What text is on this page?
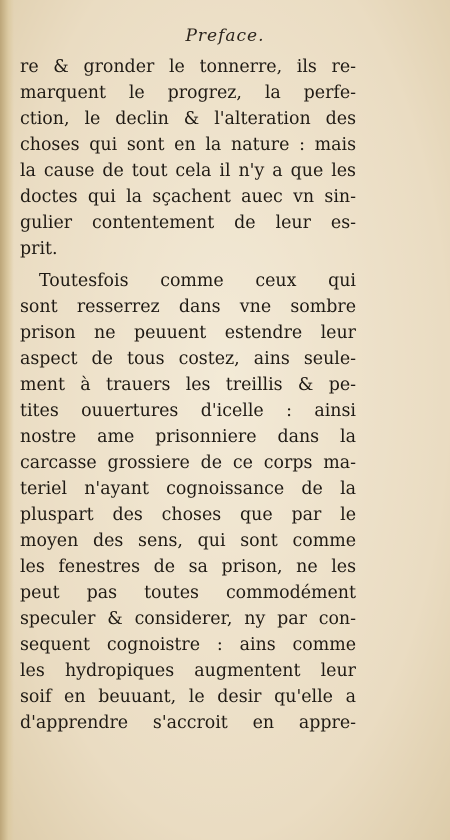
Preface.
re & gronder le tonnerre, ils re-
marquent le progrez, la perfe-
ction, le declin & l'alteration des
choses qui sont en la nature : mais
la cause de tout cela il n'y a que les
doctes qui la sçachent auec vn sin-
gulier contentement de leur es-
prit.
Toutesfois comme ceux qui
sont resserrez dans vne sombre
prison ne peuuent estendre leur
aspect de tous costez, ains seule-
ment à trauers les treillis & pe-
tites ouuertures d'icelle : ainsi
nostre ame prisonniere dans la
carcasse grossiere de ce corps ma-
teriel n'ayant cognoissance de la
pluspart des choses que par le
moyen des sens, qui sont comme
les fenestres de sa prison, ne les
peut pas toutes commodément
speculer & considerer, ny par con-
sequent cognoistre : ains comme
les hydropiques augmentent leur
soif en beuuant, le desir qu'elle a
d'apprendre s'accroit en appre-
